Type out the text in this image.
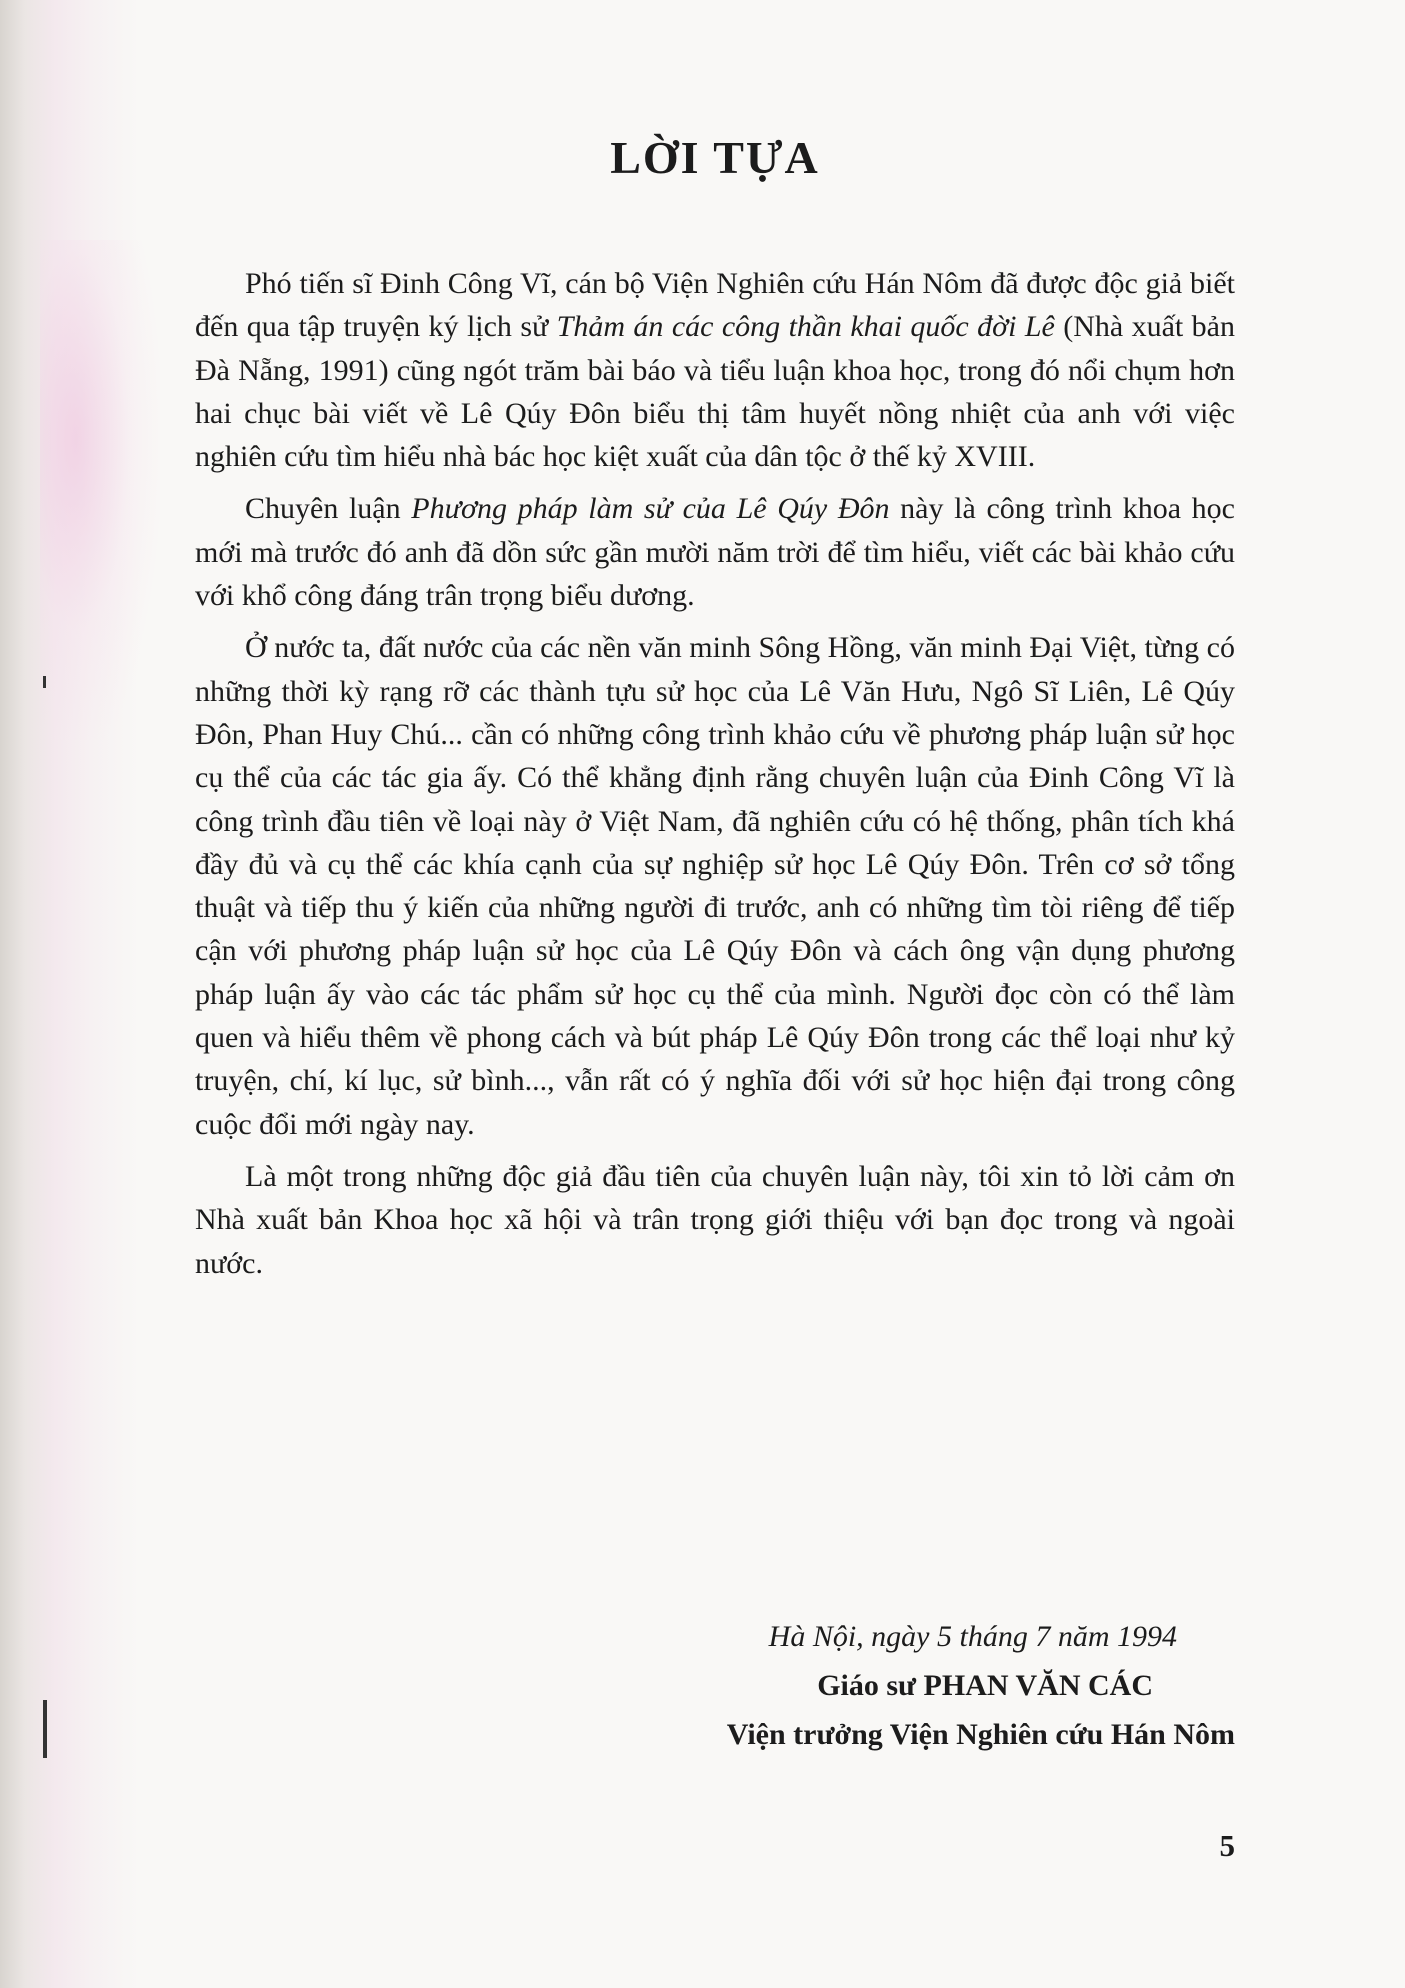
LỜI TỰA

Phó tiến sĩ Đinh Công Vĩ, cán bộ Viện Nghiên cứu Hán Nôm đã được độc giả biết đến qua tập truyện ký lịch sử Thảm án các công thần khai quốc đời Lê (Nhà xuất bản Đà Nẵng, 1991) cũng ngót trăm bài báo và tiểu luận khoa học, trong đó nổi chụm hơn hai chục bài viết về Lê Qúy Đôn biểu thị tâm huyết nồng nhiệt của anh với việc nghiên cứu tìm hiểu nhà bác học kiệt xuất của dân tộc ở thế kỷ XVIII.

Chuyên luận Phương pháp làm sử của Lê Qúy Đôn này là công trình khoa học mới mà trước đó anh đã dồn sức gần mười năm trời để tìm hiểu, viết các bài khảo cứu với khổ công đáng trân trọng biểu dương.

Ở nước ta, đất nước của các nền văn minh Sông Hồng, văn minh Đại Việt, từng có những thời kỳ rạng rỡ các thành tựu sử học của Lê Văn Hưu, Ngô Sĩ Liên, Lê Qúy Đôn, Phan Huy Chú... cần có những công trình khảo cứu về phương pháp luận sử học cụ thể của các tác gia ấy. Có thể khẳng định rằng chuyên luận của Đinh Công Vĩ là công trình đầu tiên về loại này ở Việt Nam, đã nghiên cứu có hệ thống, phân tích khá đầy đủ và cụ thể các khía cạnh của sự nghiệp sử học Lê Qúy Đôn. Trên cơ sở tổng thuật và tiếp thu ý kiến của những người đi trước, anh có những tìm tòi riêng để tiếp cận với phương pháp luận sử học của Lê Qúy Đôn và cách ông vận dụng phương pháp luận ấy vào các tác phẩm sử học cụ thể của mình. Người đọc còn có thể làm quen và hiểu thêm về phong cách và bút pháp Lê Qúy Đôn trong các thể loại như kỷ truyện, chí, kí lục, sử bình..., vẫn rất có ý nghĩa đối với sử học hiện đại trong công cuộc đổi mới ngày nay.

Là một trong những độc giả đầu tiên của chuyên luận này, tôi xin tỏ lời cảm ơn Nhà xuất bản Khoa học xã hội và trân trọng giới thiệu với bạn đọc trong và ngoài nước.

Hà Nội, ngày 5 tháng 7 năm 1994

Giáo sư PHAN VĂN CÁC

Viện trưởng Viện Nghiên cứu Hán Nôm

5
